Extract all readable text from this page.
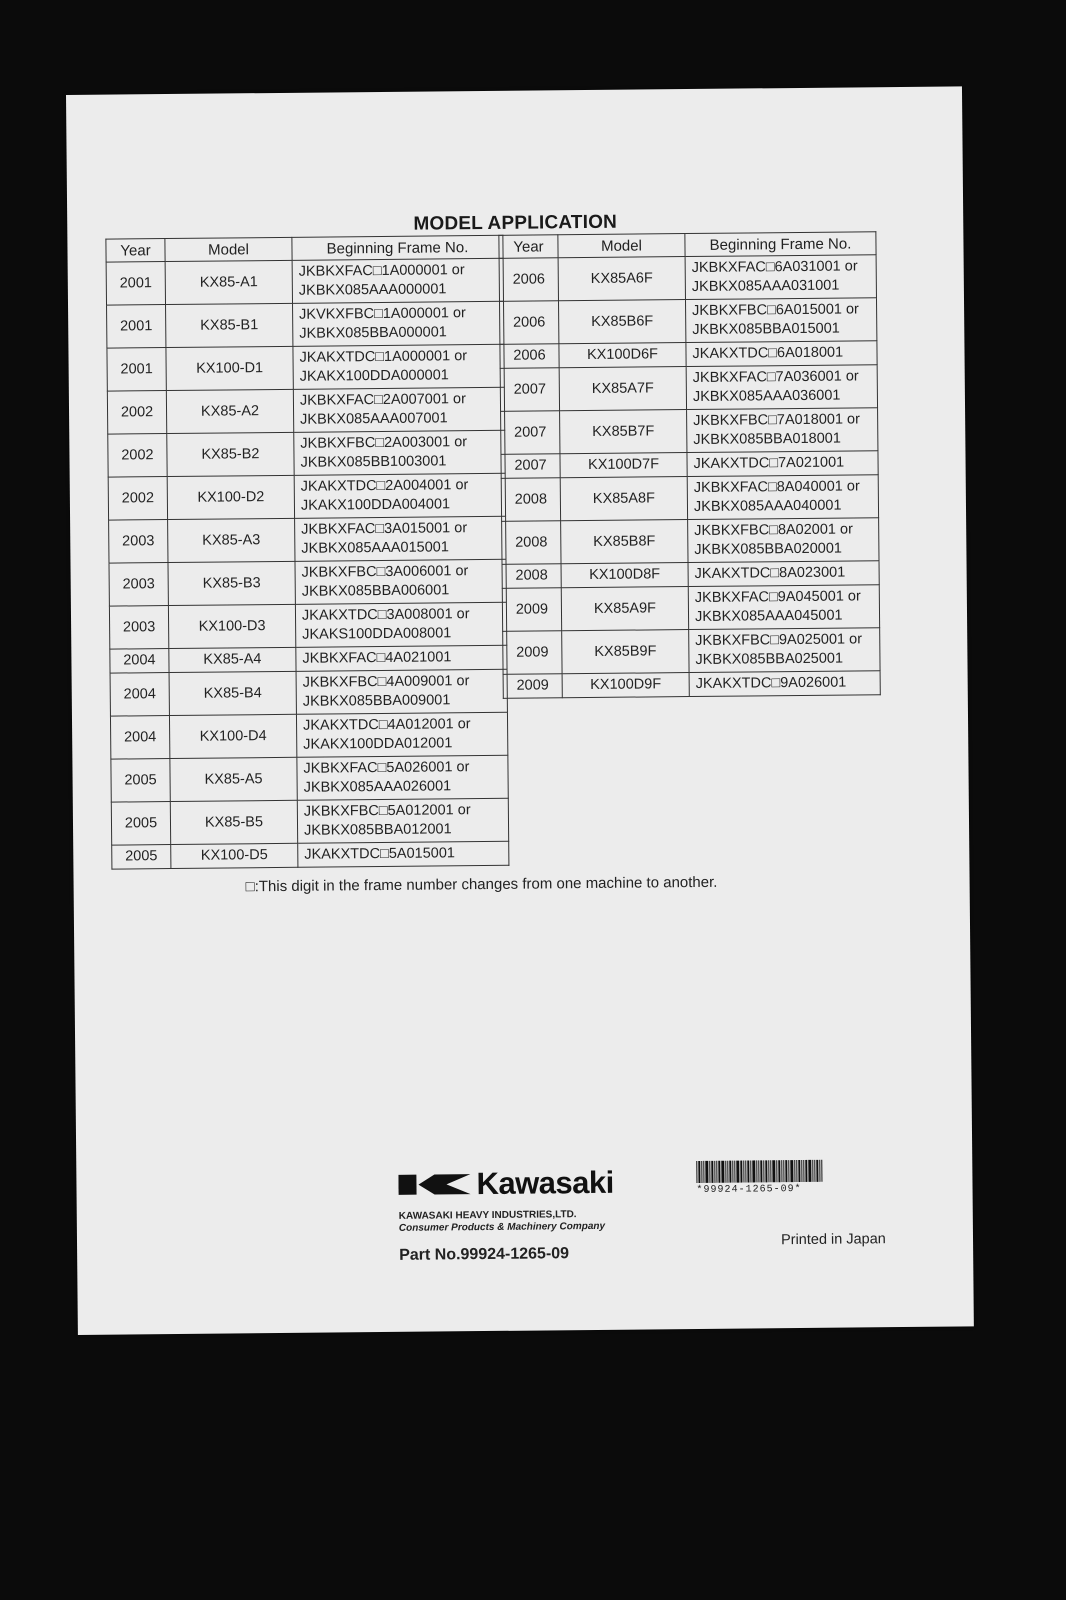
MODEL APPLICATION
Year	Model	Beginning Frame No.
2001	KX85-A1	JKBKXFAC□1A000001 or
JKBKX085AAA000001

2001	KX85-B1	JKVKXFBC□1A000001 or
JKBKX085BBA000001

2001	KX100-D1	JKAKXTDC□1A000001 or
JKAKX100DDA000001

2002	KX85-A2	JKBKXFAC□2A007001 or
JKBKX085AAA007001

2002	KX85-B2	JKBKXFBC□2A003001 or
JKBKX085BB1003001

2002	KX100-D2	JKAKXTDC□2A004001 or
JKAKX100DDA004001

2003	KX85-A3	JKBKXFAC□3A015001 or
JKBKX085AAA015001

2003	KX85-B3	JKBKXFBC□3A006001 or
JKBKX085BBA006001

2003	KX100-D3	JKAKXTDC□3A008001 or
JKAKS100DDA008001

2004	KX85-A4	JKBKXFAC□4A021001

2004	KX85-B4	JKBKXFBC□4A009001 or
JKBKX085BBA009001

2004	KX100-D4	JKAKXTDC□4A012001 or
JKAKX100DDA012001

2005	KX85-A5	JKBKXFAC□5A026001 or
JKBKX085AAA026001

2005	KX85-B5	JKBKXFBC□5A012001 or
JKBKX085BBA012001

2005	KX100-D5	JKAKXTDC□5A015001
Year	Model	Beginning Frame No.
2006	KX85A6F	JKBKXFAC□6A031001 or
JKBKX085AAA031001

2006	KX85B6F	JKBKXFBC□6A015001 or
JKBKX085BBA015001

2006	KX100D6F	JKAKXTDC□6A018001

2007	KX85A7F	JKBKXFAC□7A036001 or
JKBKX085AAA036001

2007	KX85B7F	JKBKXFBC□7A018001 or
JKBKX085BBA018001

2007	KX100D7F	JKAKXTDC□7A021001

2008	KX85A8F	JKBKXFAC□8A040001 or
JKBKX085AAA040001

2008	KX85B8F	JKBKXFBC□8A02001 or
JKBKX085BBA020001

2008	KX100D8F	JKAKXTDC□8A023001

2009	KX85A9F	JKBKXFAC□9A045001 or
JKBKX085AAA045001

2009	KX85B9F	JKBKXFBC□9A025001 or
JKBKX085BBA025001

2009	KX100D9F	JKAKXTDC□9A026001
□:This digit in the frame number changes from one machine to another.
Kawasaki
KAWASAKI HEAVY INDUSTRIES,LTD.
Consumer Products & Machinery Company
Part No.99924-1265-09
*99924-1265-09*
Printed in Japan
